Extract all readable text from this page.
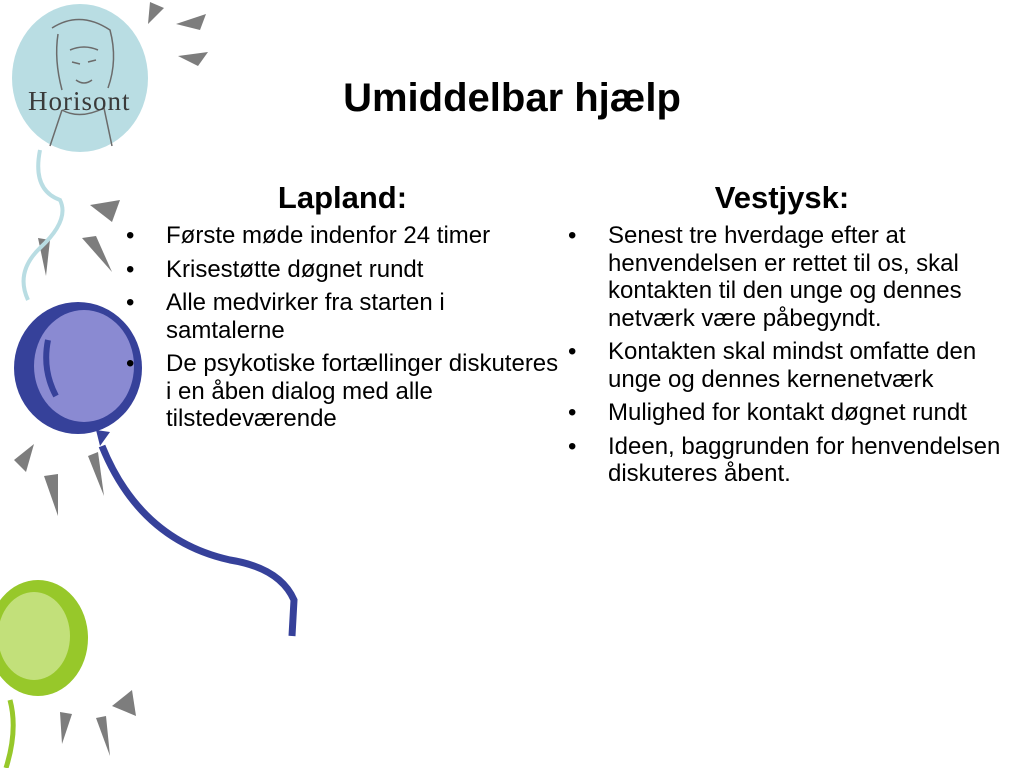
Horisont	Umiddelbar hjælp
Lapland:
• Første møde indenfor 24 timer
• Krisestøtte døgnet rundt
• Alle medvirker fra starten i samtalerne
• De psykotiske fortællinger diskuteres i en åben dialog med alle tilstedeværende
Vestjysk:
• Senest tre hverdage efter at henvendelsen er rettet til os, skal kontakten til den unge og dennes netværk være påbegyndt.
• Kontakten skal mindst omfatte den unge og dennes kernenetværk
• Mulighed for kontakt døgnet rundt
• Ideen, baggrunden for henvendelsen diskuteres åbent.
